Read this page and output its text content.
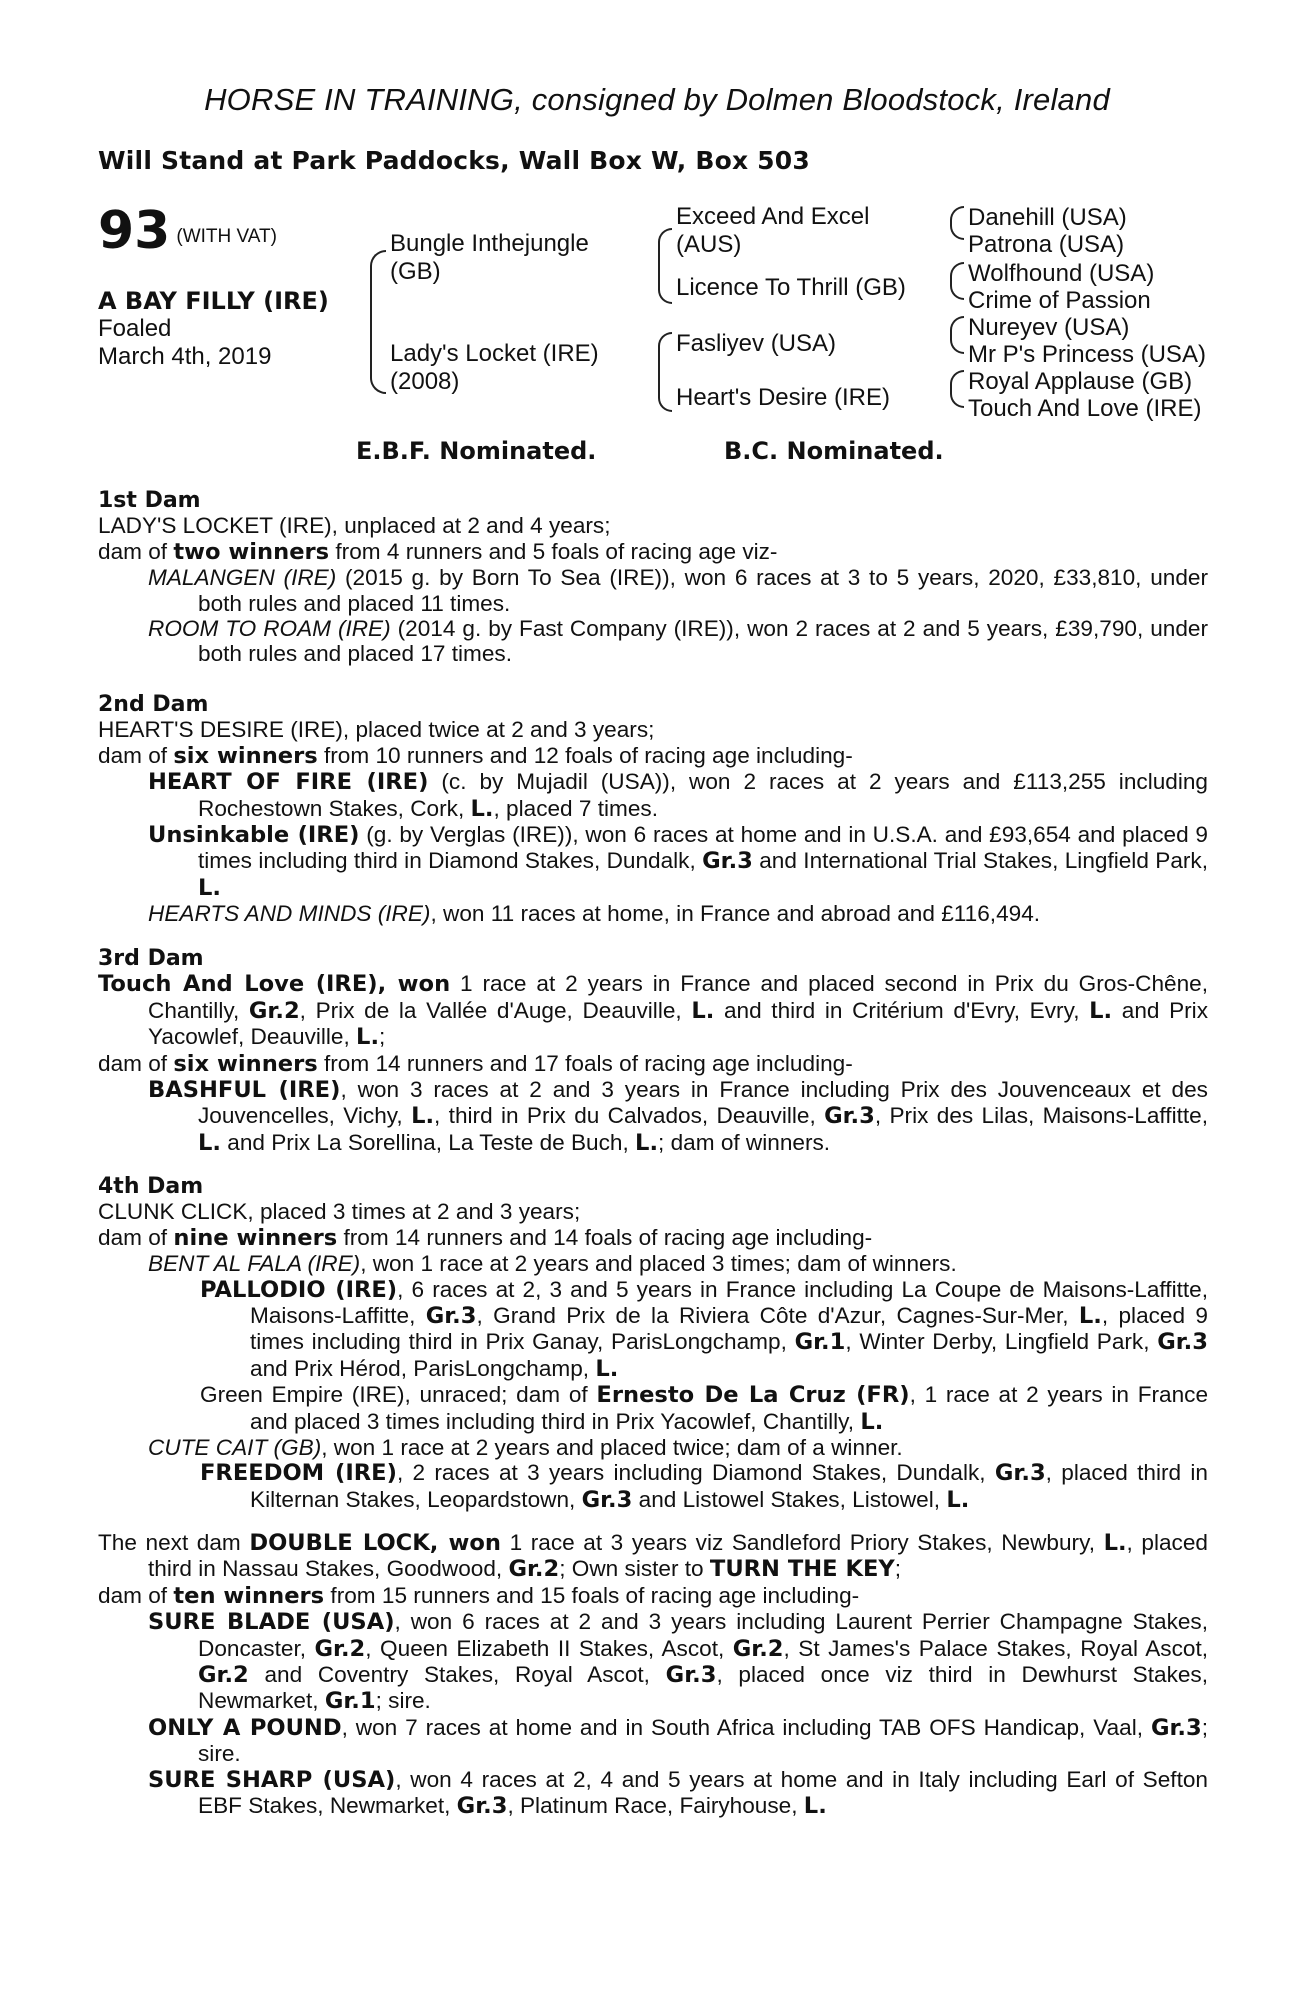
HORSE IN TRAINING, consigned by Dolmen Bloodstock, Ireland
Will Stand at Park Paddocks, Wall Box W, Box 503
93 (WITH VAT)
A BAY FILLY (IRE)
Foaled
March 4th, 2019
Bungle Inthejungle
(GB)
Lady's Locket (IRE)
(2008)
Exceed And Excel
(AUS)
Licence To Thrill (GB)
Fasliyev (USA)
Heart's Desire (IRE)
Danehill (USA)
Patrona (USA)
Wolfhound (USA)
Crime of Passion
Nureyev (USA)
Mr P's Princess (USA)
Royal Applause (GB)
Touch And Love (IRE)
E.B.F. Nominated.	B.C. Nominated.
1st Dam

LADY'S LOCKET (IRE), unplaced at 2 and 4 years;

dam of two winners from 4 runners and 5 foals of racing age viz-

MALANGEN (IRE) (2015 g. by Born To Sea (IRE)), won 6 races at 3 to 5 years, 2020, £33,810, under both rules and placed 11 times.

ROOM TO ROAM (IRE) (2014 g. by Fast Company (IRE)), won 2 races at 2 and 5 years, £39,790, under both rules and placed 17 times.

2nd Dam

HEART'S DESIRE (IRE), placed twice at 2 and 3 years;

dam of six winners from 10 runners and 12 foals of racing age including-

HEART OF FIRE (IRE) (c. by Mujadil (USA)), won 2 races at 2 years and £113,255 including Rochestown Stakes, Cork, L., placed 7 times.

Unsinkable (IRE) (g. by Verglas (IRE)), won 6 races at home and in U.S.A. and £93,654 and placed 9 times including third in Diamond Stakes, Dundalk, Gr.3 and International Trial Stakes, Lingfield Park, L.

HEARTS AND MINDS (IRE), won 11 races at home, in France and abroad and £116,494.

3rd Dam

Touch And Love (IRE), won 1 race at 2 years in France and placed second in Prix du Gros-Chêne, Chantilly, Gr.2, Prix de la Vallée d'Auge, Deauville, L. and third in Critérium d'Evry, Evry, L. and Prix Yacowlef, Deauville, L.;

dam of six winners from 14 runners and 17 foals of racing age including-

BASHFUL (IRE), won 3 races at 2 and 3 years in France including Prix des Jouvenceaux et des Jouvencelles, Vichy, L., third in Prix du Calvados, Deauville, Gr.3, Prix des Lilas, Maisons-Laffitte, L. and Prix La Sorellina, La Teste de Buch, L.; dam of winners.

4th Dam

CLUNK CLICK, placed 3 times at 2 and 3 years;

dam of nine winners from 14 runners and 14 foals of racing age including-

BENT AL FALA (IRE), won 1 race at 2 years and placed 3 times; dam of winners.

PALLODIO (IRE), 6 races at 2, 3 and 5 years in France including La Coupe de Maisons-Laffitte, Maisons-Laffitte, Gr.3, Grand Prix de la Riviera Côte d'Azur, Cagnes-Sur-Mer, L., placed 9 times including third in Prix Ganay, ParisLongchamp, Gr.1, Winter Derby, Lingfield Park, Gr.3 and Prix Hérod, ParisLongchamp, L.

Green Empire (IRE), unraced; dam of Ernesto De La Cruz (FR), 1 race at 2 years in France and placed 3 times including third in Prix Yacowlef, Chantilly, L.

CUTE CAIT (GB), won 1 race at 2 years and placed twice; dam of a winner.

FREEDOM (IRE), 2 races at 3 years including Diamond Stakes, Dundalk, Gr.3, placed third in Kilternan Stakes, Leopardstown, Gr.3 and Listowel Stakes, Listowel, L.

The next dam DOUBLE LOCK, won 1 race at 3 years viz Sandleford Priory Stakes, Newbury, L., placed third in Nassau Stakes, Goodwood, Gr.2; Own sister to TURN THE KEY;

dam of ten winners from 15 runners and 15 foals of racing age including-

SURE BLADE (USA), won 6 races at 2 and 3 years including Laurent Perrier Champagne Stakes, Doncaster, Gr.2, Queen Elizabeth II Stakes, Ascot, Gr.2, St James's Palace Stakes, Royal Ascot, Gr.2 and Coventry Stakes, Royal Ascot, Gr.3, placed once viz third in Dewhurst Stakes, Newmarket, Gr.1; sire.

ONLY A POUND, won 7 races at home and in South Africa including TAB OFS Handicap, Vaal, Gr.3; sire.

SURE SHARP (USA), won 4 races at 2, 4 and 5 years at home and in Italy including Earl of Sefton EBF Stakes, Newmarket, Gr.3, Platinum Race, Fairyhouse, L.
